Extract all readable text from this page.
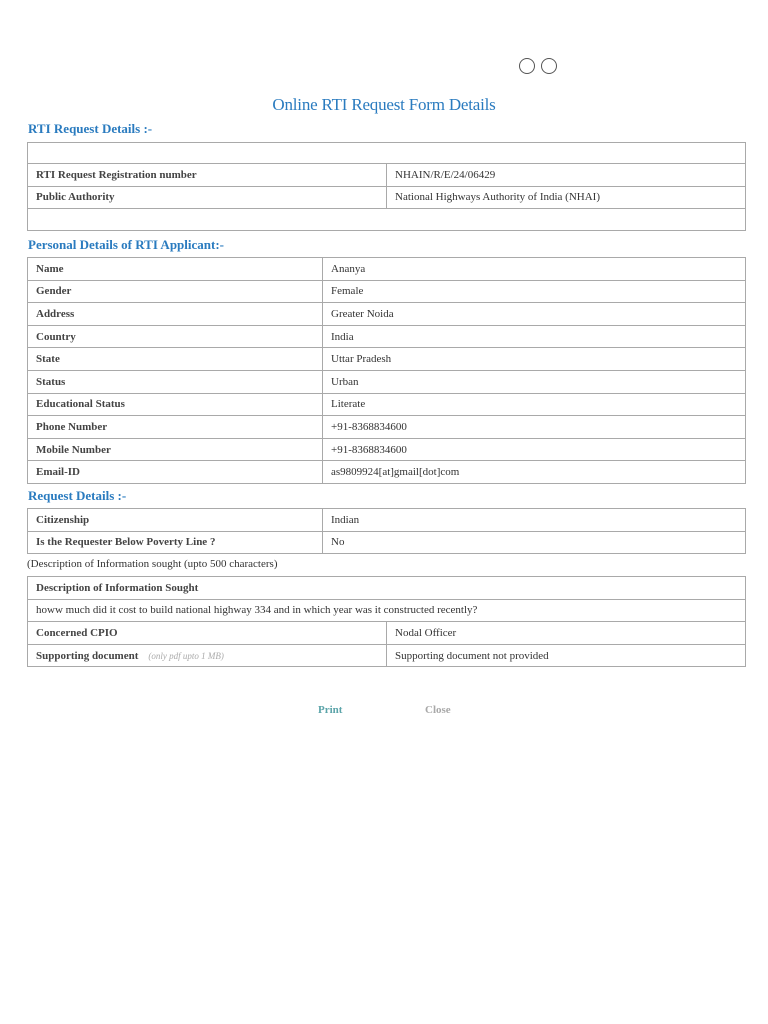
Online RTI Request Form Details
RTI Request Details :-

RTI Request Registration number	NHAIN/R/E/24/06429
Public Authority	National Highways Authority of India (NHAI)

Personal Details of RTI Applicant:-
Name	Ananya
Gender	Female
Address	Greater Noida
Country	India
State	Uttar Pradesh
Status	Urban
Educational Status	Literate
Phone Number	+91-8368834600
Mobile Number	+91-8368834600
Email-ID	as9809924[at]gmail[dot]com
Request Details :-
Citizenship	Indian
Is the Requester Below Poverty Line ?	No
(Description of Information sought (upto 500 characters)
Description of Information Sought	
howw much did it cost to build national highway 334 and in which year was it constructed recently?	
Concerned CPIO	Nodal Officer
Supporting document (only pdf upto 1 MB)	Supporting document not provided
Print	Close
